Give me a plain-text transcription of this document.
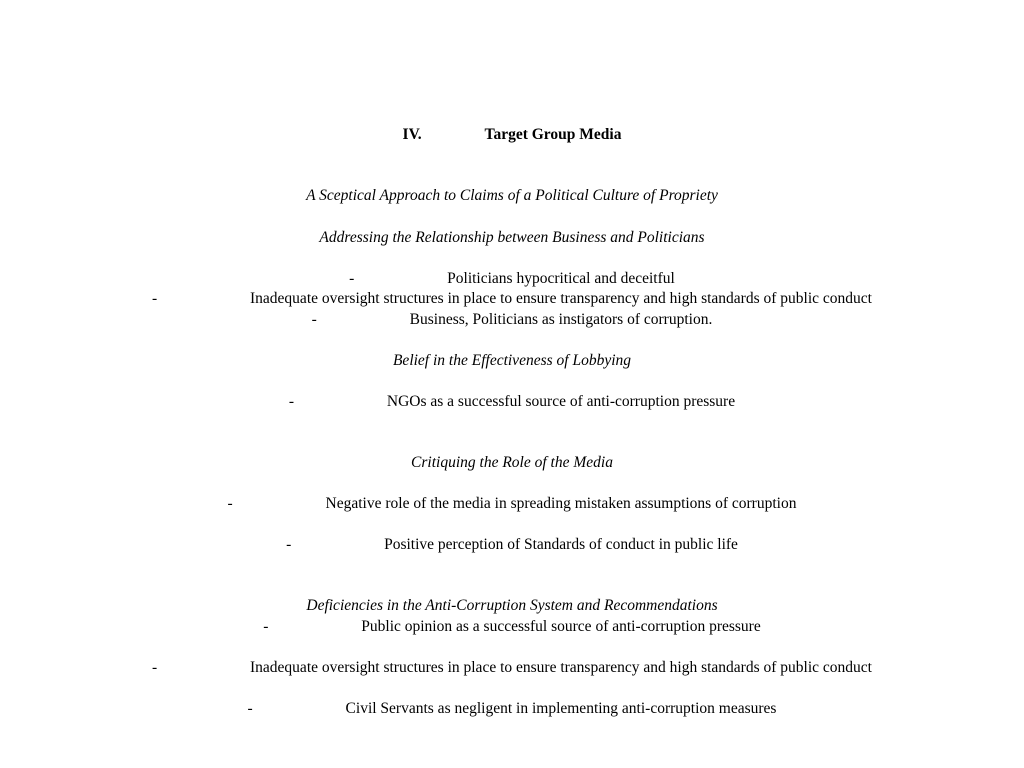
IV.	Target Group Media
A Sceptical Approach to Claims of a Political Culture of Propriety
Addressing the Relationship between Business and Politicians
-	Politicians hypocritical and deceitful
-	Inadequate oversight structures in place to ensure transparency and high standards of public conduct
-	Business, Politicians as instigators of corruption.
Belief in the Effectiveness of Lobbying
-	NGOs as a successful source of anti-corruption pressure
Critiquing the Role of the Media
-	Negative role of the media in spreading mistaken assumptions of corruption
-	Positive perception of Standards of conduct in public life
Deficiencies in the Anti-Corruption System and Recommendations
-	Public opinion as a successful source of anti-corruption pressure
-	Inadequate oversight structures in place to ensure transparency and high standards of public conduct
-	Civil Servants as negligent in implementing anti-corruption measures
